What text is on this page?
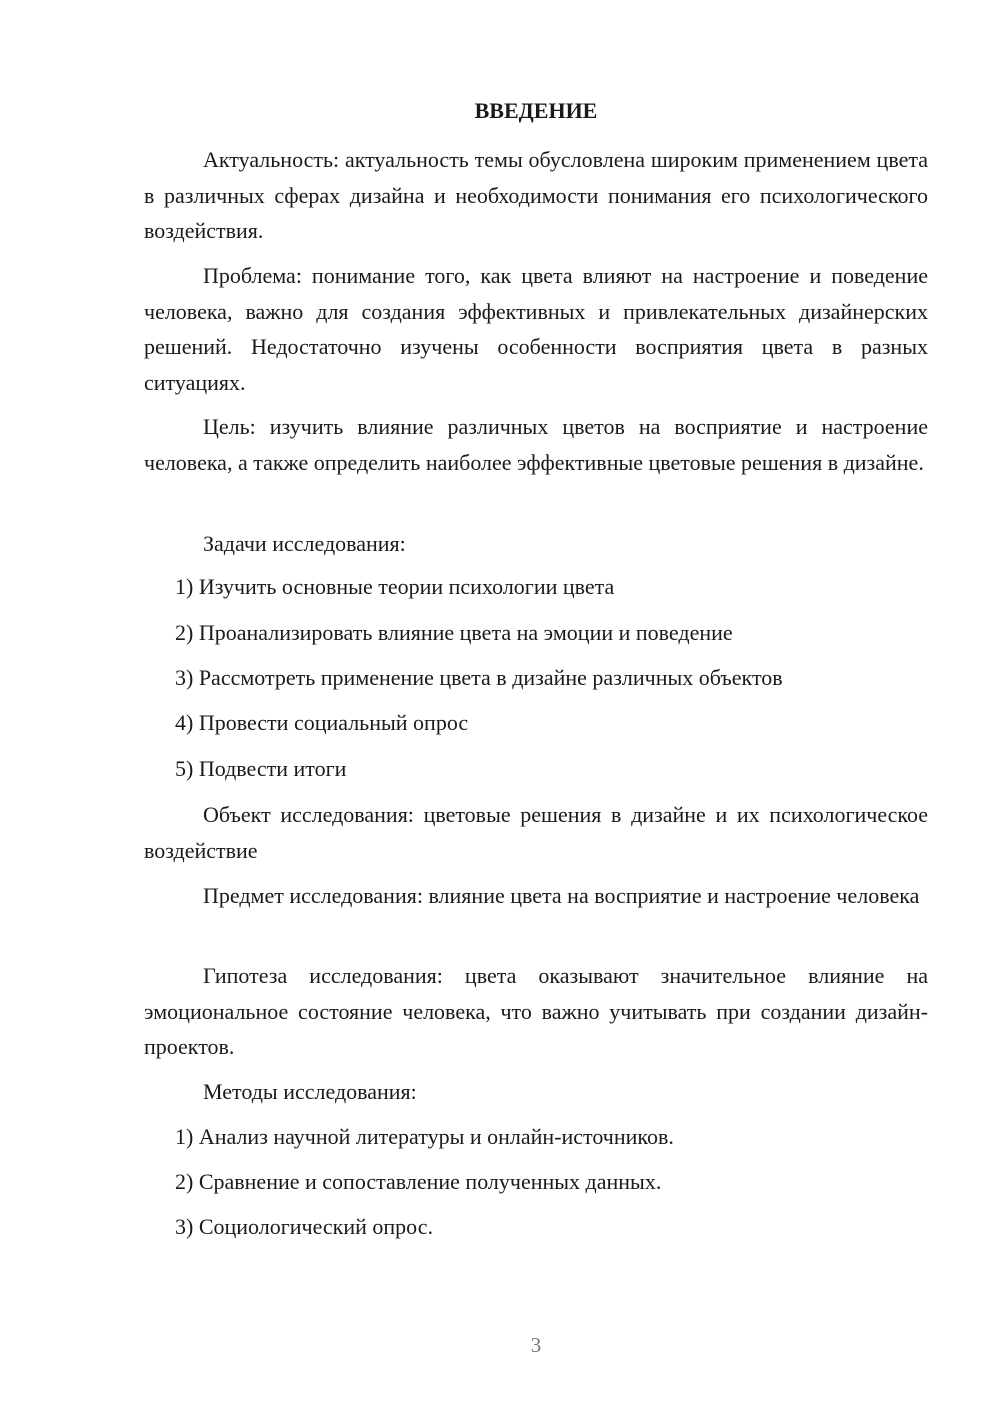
ВВЕДЕНИЕ

Актуальность: актуальность темы обусловлена широким применением цвета в различных сферах дизайна и необходимости понимания его психологического воздействия.

Проблема: понимание того, как цвета влияют на настроение и поведение человека, важно для создания эффективных и привлекательных дизайнерских решений. Недостаточно изучены особенности восприятия цвета в разных ситуациях.

Цель: изучить влияние различных цветов на восприятие и настроение человека, а также определить наиболее эффективные цветовые решения в дизайне.

Задачи исследования:

1) Изучить основные теории психологии цвета

2) Проанализировать влияние цвета на эмоции и поведение

3) Рассмотреть применение цвета в дизайне различных объектов

4) Провести социальный опрос

5) Подвести итоги

Объект исследования: цветовые решения в дизайне и их психологическое воздействие

Предмет исследования: влияние цвета на восприятие и настроение человека

Гипотеза исследования: цвета оказывают значительное влияние на эмоциональное состояние человека, что важно учитывать при создании дизайн-проектов.

Методы исследования:

1) Анализ научной литературы и онлайн-источников.

2) Сравнение и сопоставление полученных данных.

3) Социологический опрос.

3
